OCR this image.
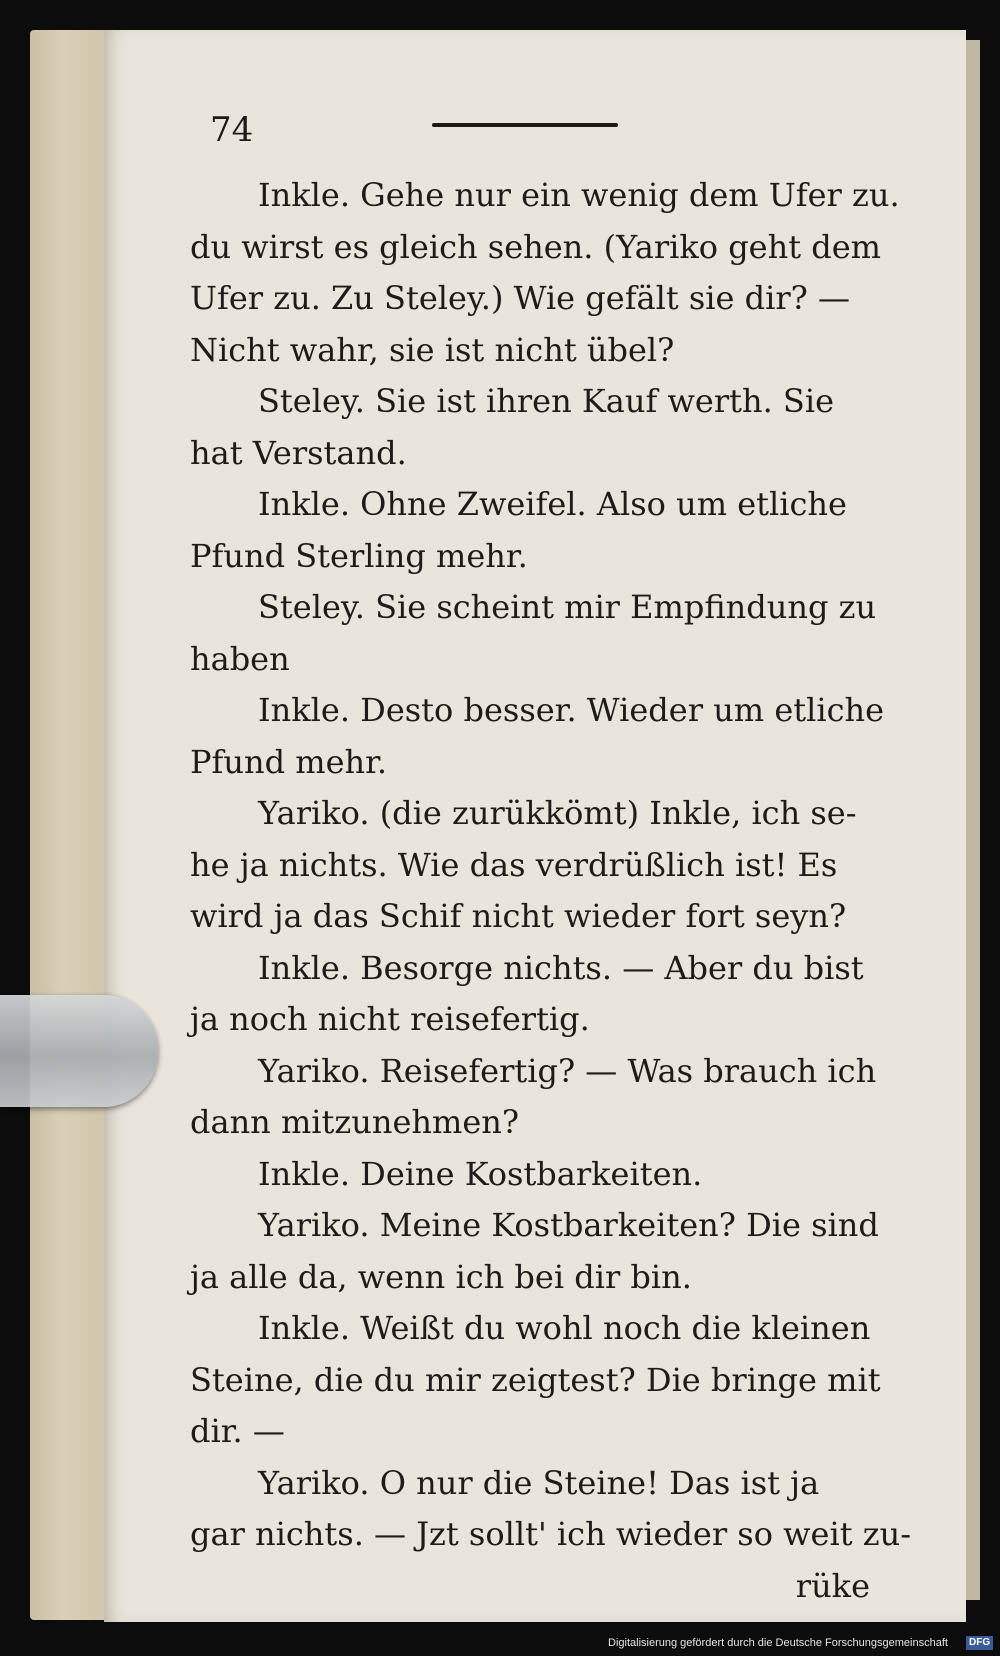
74
Inkle. Gehe nur ein wenig dem Ufer zu.
du wirst es gleich sehen. (Yariko geht dem
Ufer zu. Zu Steley.) Wie gefält sie dir? —
Nicht wahr, sie ist nicht übel?
Steley. Sie ist ihren Kauf werth. Sie
hat Verstand.
Inkle. Ohne Zweifel. Also um etliche
Pfund Sterling mehr.
Steley. Sie scheint mir Empfindung zu
haben
Inkle. Desto besser. Wieder um etliche
Pfund mehr.
Yariko. (die zurükkömt) Inkle, ich se-
he ja nichts. Wie das verdrüßlich ist! Es
wird ja das Schif nicht wieder fort seyn?
Inkle. Besorge nichts. — Aber du bist
ja noch nicht reisefertig.
Yariko. Reisefertig? — Was brauch ich
dann mitzunehmen?
Inkle. Deine Kostbarkeiten.
Yariko. Meine Kostbarkeiten? Die sind
ja alle da, wenn ich bei dir bin.
Inkle. Weißt du wohl noch die kleinen
Steine, die du mir zeigtest? Die bringe mit
dir. —
Yariko. O nur die Steine! Das ist ja
gar nichts. — Jzt sollt' ich wieder so weit zu-
rüke
Digitalisierung gefördert durch die Deutsche Forschungsgemeinschaft	DFG
